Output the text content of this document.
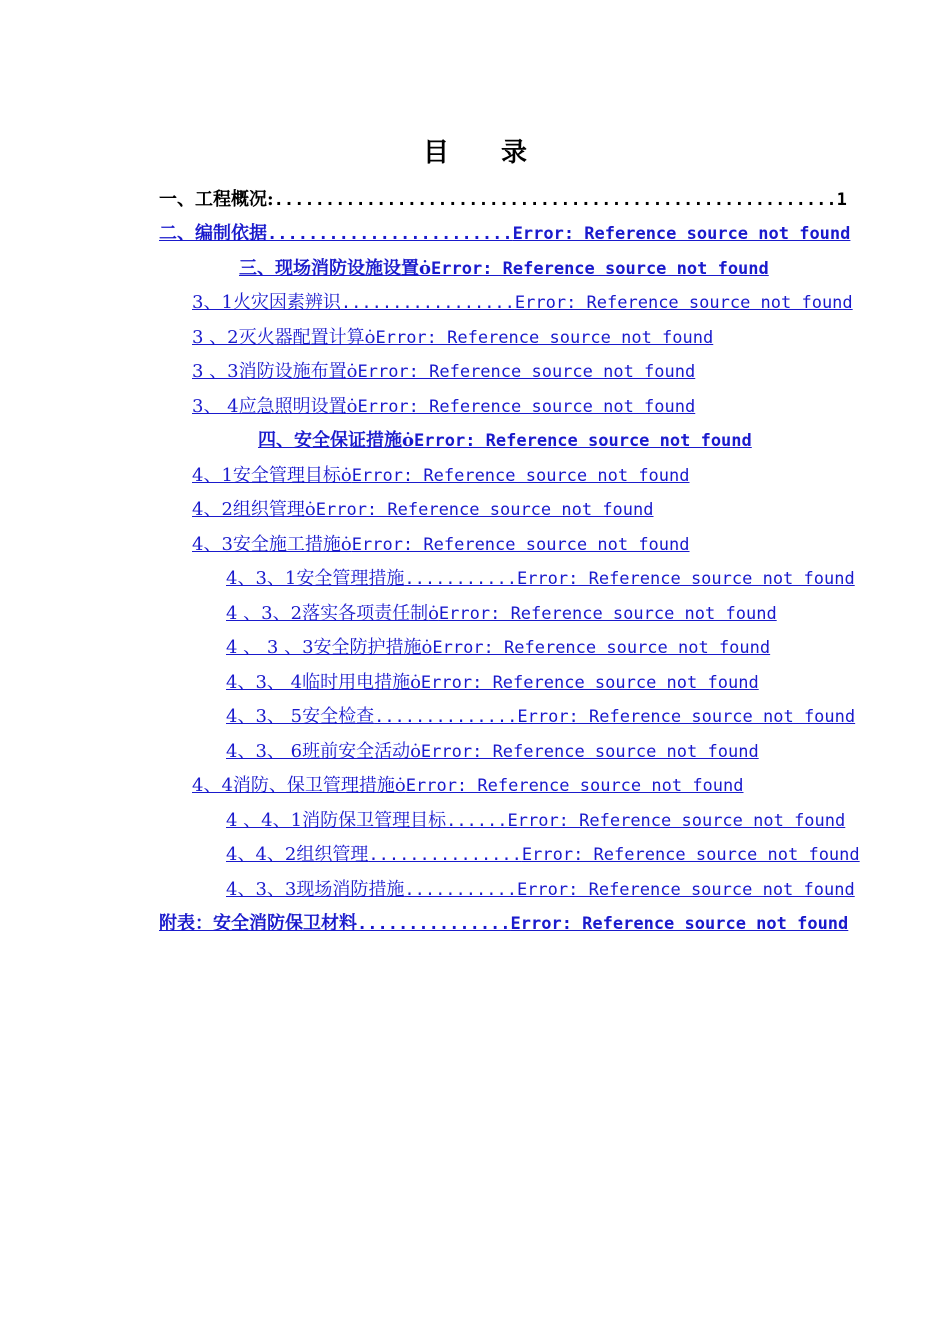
目 录
一、工程概况: ....................................................... 1
二、编制依据 ........................ Error: Reference source not found
三、现场消防设施设置ȯError: Reference source not found
3、1火灾因素辨识 ................. Error: Reference source not found
3 、2灭火器配置计算ȯError: Reference source not found
3 、3消防设施布置ȯError: Reference source not found
3、 4应急照明设置ȯError: Reference source not found
四、安全保证措施ȯError: Reference source not found
4、1安全管理目标ȯError: Reference source not found
4、2组织管理ȯError: Reference source not found
4、3安全施工措施ȯError: Reference source not found
4、3、1安全管理措施 ........... Error: Reference source not found
4 、3、2落实各项责任制ȯError: Reference source not found
4 、 3 、3安全防护措施ȯError: Reference source not found
4、3、 4临时用电措施ȯError: Reference source not found
4、3、 5安全检查 .............. Error: Reference source not found
4、3、 6班前安全活动ȯError: Reference source not found
4、4消防、保卫管理措施ȯError: Reference source not found
4 、4、1消防保卫管理目标 ...... Error: Reference source not found
4、4、2组织管理 ............... Error: Reference source not found
4、3、3现场消防措施 ........... Error: Reference source not found
附表：安全消防保卫材料 ............... Error: Reference source not found
